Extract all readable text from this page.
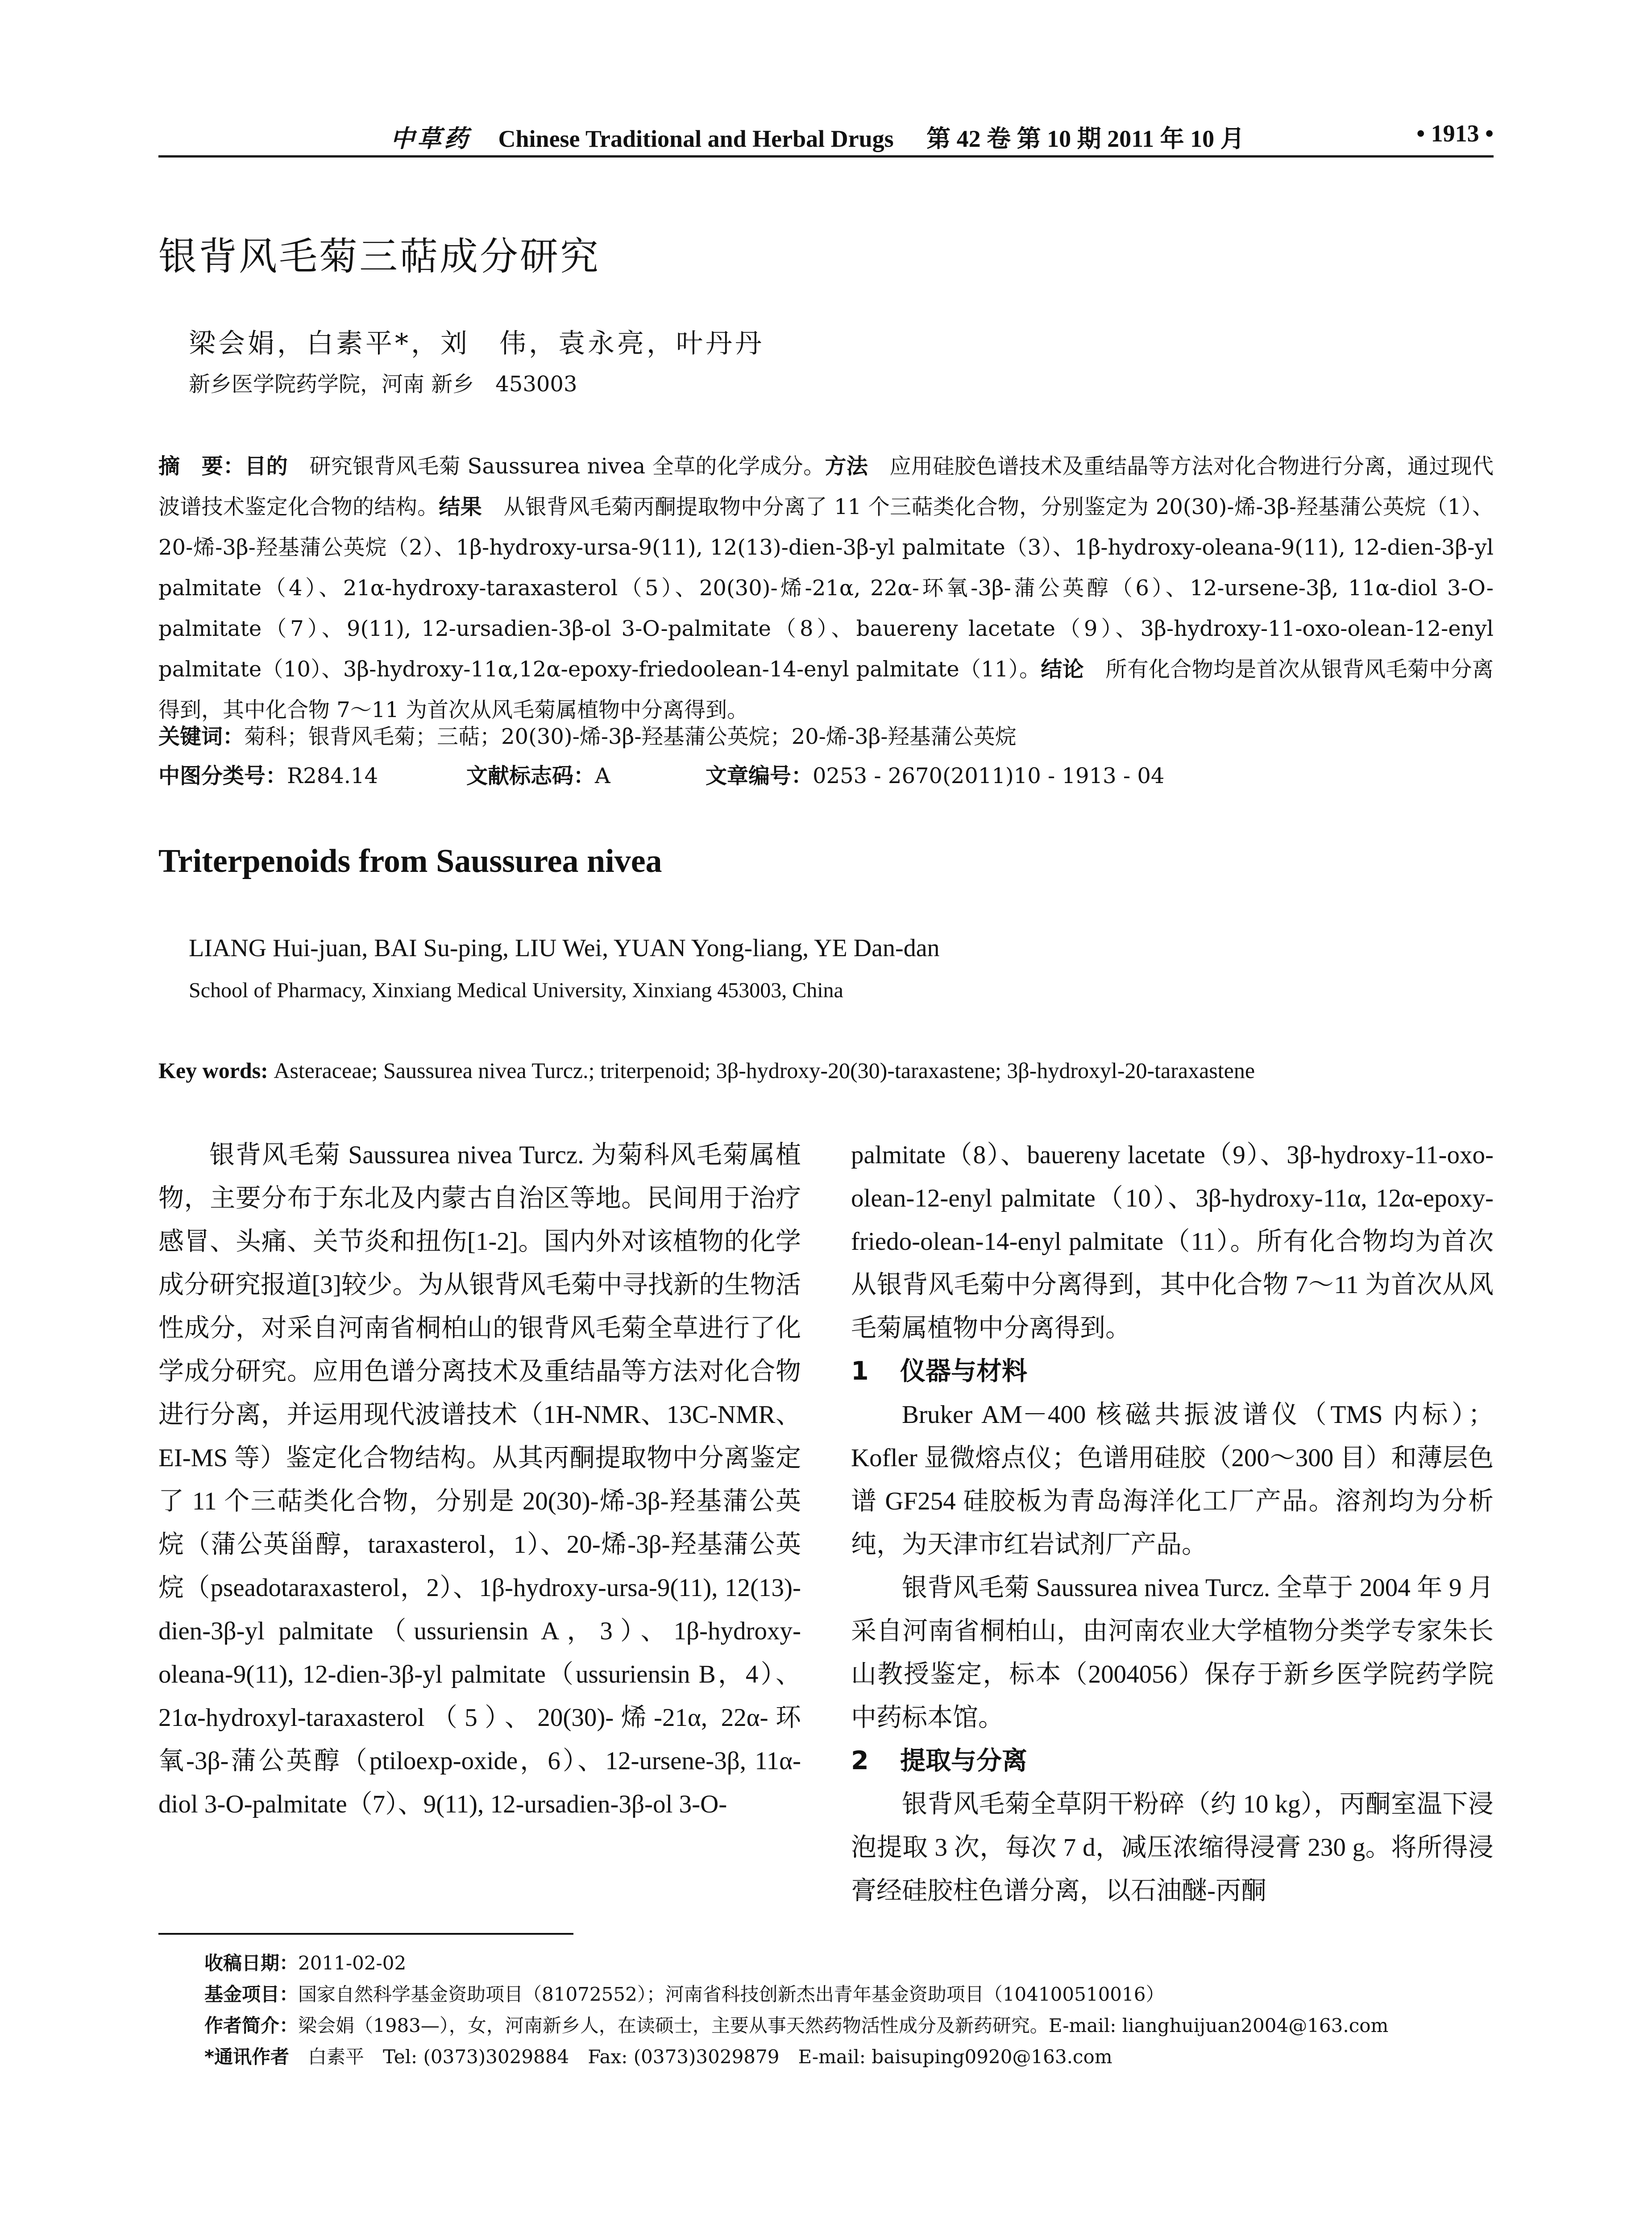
中草药 Chinese Traditional and Herbal Drugs 第 42 卷 第 10 期 2011 年 10 月	• 1913 •
银背风毛菊三萜成分研究
梁会娟，白素平*，刘　伟，袁永亮，叶丹丹
新乡医学院药学院，河南 新乡　453003
摘　要：目的　研究银背风毛菊 Saussurea nivea 全草的化学成分。方法　应用硅胶色谱技术及重结晶等方法对化合物进行分离，通过现代波谱技术鉴定化合物的结构。结果　从银背风毛菊丙酮提取物中分离了 11 个三萜类化合物，分别鉴定为 20(30)-烯-3β-羟基蒲公英烷（1）、20-烯-3β-羟基蒲公英烷（2）、1β-hydroxy-ursa-9(11), 12(13)-dien-3β-yl palmitate（3）、1β-hydroxy-oleana-9(11), 12-dien-3β-yl palmitate（4）、21α-hydroxy-taraxasterol（5）、20(30)-烯-21α, 22α-环氧-3β-蒲公英醇（6）、12-ursene-3β, 11α-diol 3-O-palmitate（7）、9(11), 12-ursadien-3β-ol 3-O-palmitate（8）、bauereny lacetate（9）、3β-hydroxy-11-oxo-olean-12-enyl palmitate（10）、3β-hydroxy-11α,12α-epoxy-friedoolean-14-enyl palmitate（11）。结论　所有化合物均是首次从银背风毛菊中分离得到，其中化合物 7～11 为首次从风毛菊属植物中分离得到。
关键词：菊科；银背风毛菊；三萜；20(30)-烯-3β-羟基蒲公英烷；20-烯-3β-羟基蒲公英烷
中图分类号：R284.14	文献标志码：A	文章编号：0253 - 2670(2011)10 - 1913 - 04
Triterpenoids from Saussurea nivea
LIANG Hui-juan, BAI Su-ping, LIU Wei, YUAN Yong-liang, YE Dan-dan
School of Pharmacy, Xinxiang Medical University, Xinxiang 453003, China
Key words: Asteraceae; Saussurea nivea Turcz.; triterpenoid; 3β-hydroxy-20(30)-taraxastene; 3β-hydroxyl-20-taraxastene

银背风毛菊 Saussurea nivea Turcz. 为菊科风毛菊属植物，主要分布于东北及内蒙古自治区等地。民间用于治疗感冒、头痛、关节炎和扭伤[1-2]。国内外对该植物的化学成分研究报道[3]较少。为从银背风毛菊中寻找新的生物活性成分，对采自河南省桐柏山的银背风毛菊全草进行了化学成分研究。应用色谱分离技术及重结晶等方法对化合物进行分离，并运用现代波谱技术（1H-NMR、13C-NMR、EI-MS 等）鉴定化合物结构。从其丙酮提取物中分离鉴定了 11 个三萜类化合物，分别是 20(30)-烯-3β-羟基蒲公英烷（蒲公英甾醇，taraxasterol，1）、20-烯-3β-羟基蒲公英烷（pseadotaraxasterol，2）、1β-hydroxy-ursa-9(11), 12(13)-dien-3β-yl palmitate（ussuriensin A，3）、1β-hydroxy-oleana-9(11), 12-dien-3β-yl palmitate（ussuriensin B，4）、21α-hydroxyl-taraxasterol（5）、20(30)-烯-21α, 22α-环氧-3β-蒲公英醇（ptiloexp-oxide，6）、12-ursene-3β, 11α-diol 3-O-palmitate（7）、9(11), 12-ursadien-3β-ol 3-O-

palmitate（8）、bauereny lacetate（9）、3β-hydroxy-11-oxo-olean-12-enyl palmitate（10）、3β-hydroxy-11α, 12α-epoxy-friedo-olean-14-enyl palmitate（11）。所有化合物均为首次从银背风毛菊中分离得到，其中化合物 7～11 为首次从风毛菊属植物中分离得到。

1 仪器与材料

Bruker AM－400 核磁共振波谱仪（TMS 内标）；Kofler 显微熔点仪；色谱用硅胶（200～300 目）和薄层色谱 GF254 硅胶板为青岛海洋化工厂产品。溶剂均为分析纯，为天津市红岩试剂厂产品。

银背风毛菊 Saussurea nivea Turcz. 全草于 2004 年 9 月采自河南省桐柏山，由河南农业大学植物分类学专家朱长山教授鉴定，标本（2004056）保存于新乡医学院药学院中药标本馆。

2 提取与分离

银背风毛菊全草阴干粉碎（约 10 kg），丙酮室温下浸泡提取 3 次，每次 7 d，减压浓缩得浸膏 230 g。将所得浸膏经硅胶柱色谱分离，以石油醚-丙酮

收稿日期：2011-02-02
基金项目：国家自然科学基金资助项目（81072552）；河南省科技创新杰出青年基金资助项目（104100510016）
作者简介：梁会娟（1983—），女，河南新乡人，在读硕士，主要从事天然药物活性成分及新药研究。E-mail: lianghuijuan2004@163.com
*通讯作者　白素平　Tel: (0373)3029884　Fax: (0373)3029879　E-mail: baisuping0920@163.com
